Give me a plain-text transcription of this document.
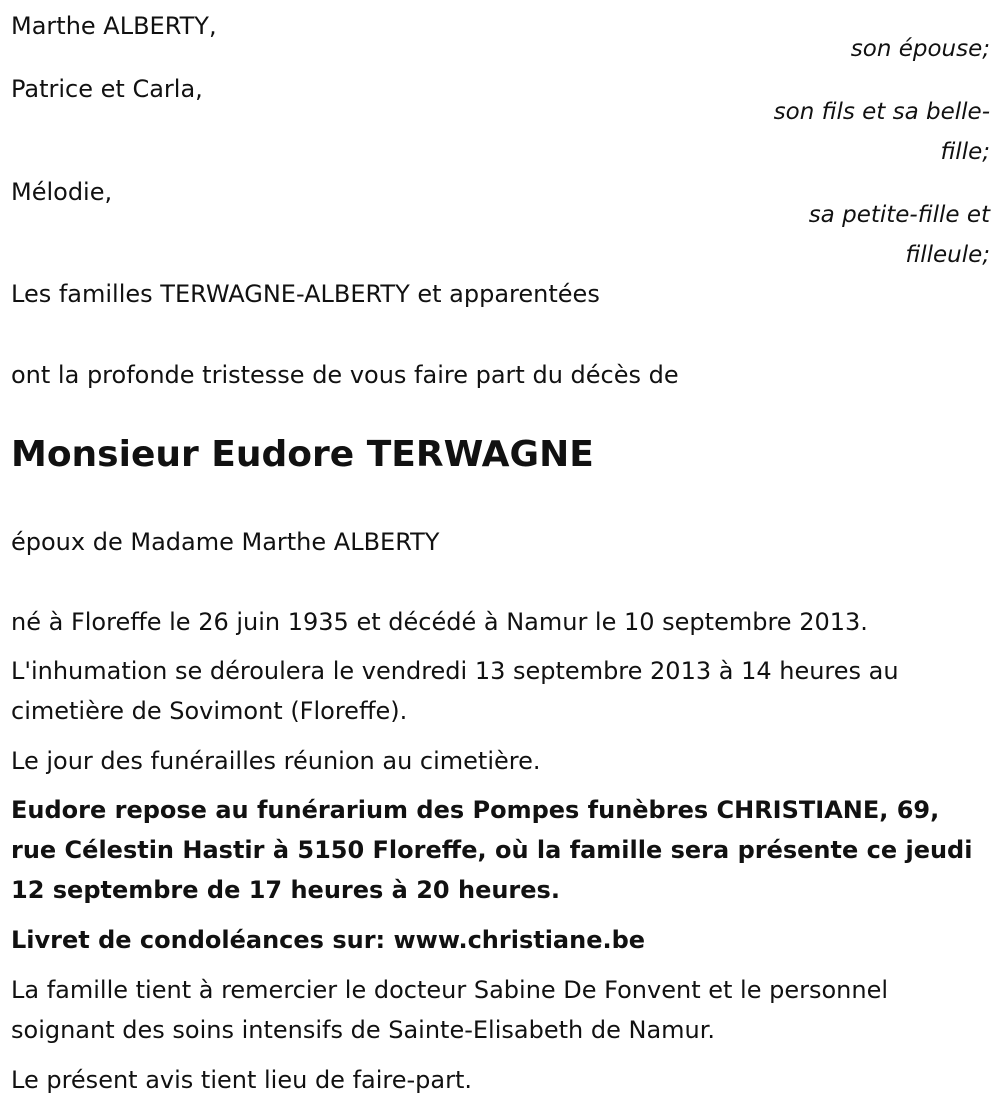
Marthe ALBERTY,
son épouse;
Patrice et Carla,
son fils et sa belle-
fille;
Mélodie,
sa petite-fille et
filleule;
Les familles TERWAGNE-ALBERTY et apparentées
ont la profonde tristesse de vous faire part du décès de
Monsieur Eudore TERWAGNE
époux de Madame Marthe ALBERTY
né à Floreffe le 26 juin 1935 et décédé à Namur le 10 septembre 2013.
L'inhumation se déroulera le vendredi 13 septembre 2013 à 14 heures au cimetière de Sovimont (Floreffe).
Le jour des funérailles réunion au cimetière.
Eudore repose au funérarium des Pompes funèbres CHRISTIANE, 69, rue Célestin Hastir à 5150 Floreffe, où la famille sera présente ce jeudi 12 septembre de 17 heures à 20 heures.
Livret de condoléances sur: www.christiane.be
La famille tient à remercier le docteur Sabine De Fonvent et le personnel soignant des soins intensifs de Sainte-Elisabeth de Namur.
Le présent avis tient lieu de faire-part.
